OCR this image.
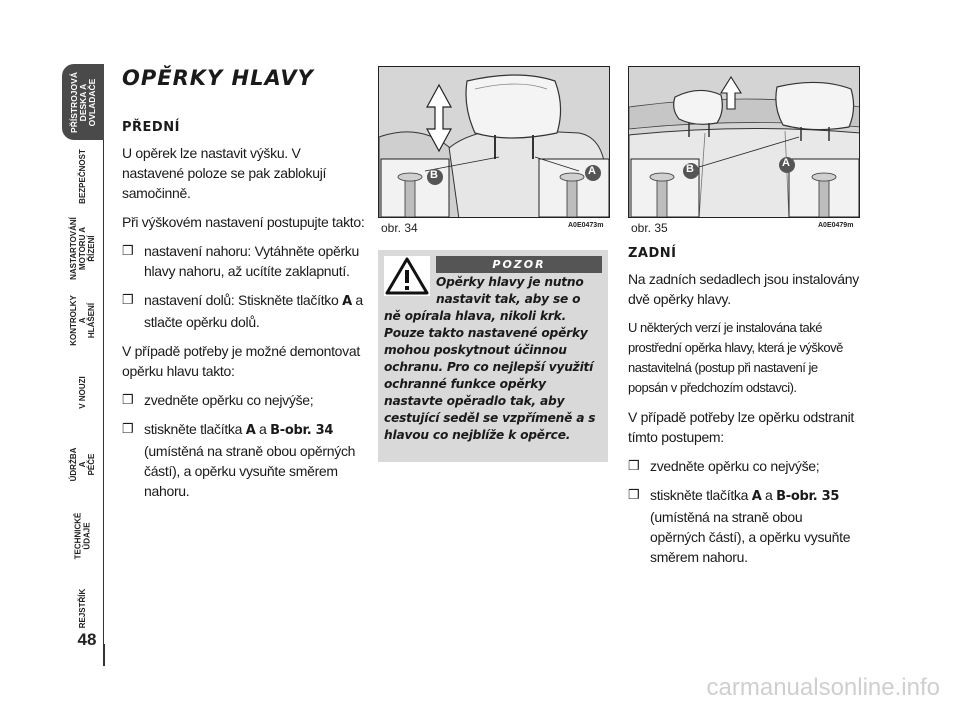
PŘÍSTROJOVÁ
DESKA A
OVLADAČE
BEZPEČNOST
NASTARTOVÁNÍ
MOTORU A
ŘÍZENÍ
KONTROLKY A
HLÁŠENÍ
V NOUZI
ÚDRŽBA A
PÉČE
TECHNICKÉ
ÚDAJE
REJSTŘÍK
48
OPĚRKY HLAVY
PŘEDNÍ

U opěrek lze nastavit výšku. V nastavené poloze se pak zablokují samočinně.

Při výškovém nastavení postupujte takto:

❒ nastavení nahoru: Vytáhněte opěrku hlavy nahoru, až ucítíte zaklapnutí.
❒ nastavení dolů: Stiskněte tlačítko A a stlačte opěrku dolů.

V případě potřeby je možné demontovat opěrku hlavu takto:

❒ zvedněte opěrku co nejvýše;
❒ stiskněte tlačítka A a B-obr. 34 (umístěná na straně obou opěrných částí), a opěrku vysuňte směrem nahoru.
B	A
obr. 34	A0E0473m
B	A
obr. 35	A0E0479m
POZOR
Opěrky hlavy je nutno
nastavit tak, aby se o
ně opírala hlava, nikoli krk. Pouze takto nastavené opěrky mohou poskytnout účinnou ochranu. Pro co nejlepší využití ochranné funkce opěrky nastavte opěradlo tak, aby cestující seděl se vzpřímeně a s hlavou co nejblíže k opěrce.
ZADNÍ

Na zadních sedadlech jsou instalovány dvě opěrky hlavy.

U některých verzí je instalována také prostřední opěrka hlavy, která je výškově nastavitelná (postup při nastavení je popsán v předchozím odstavci).

V případě potřeby lze opěrku odstranit tímto postupem:

❒ zvedněte opěrku co nejvýše;
❒ stiskněte tlačítka A a B-obr. 35 (umístěná na straně obou opěrných částí), a opěrku vysuňte směrem nahoru.
carmanualsonline.info
